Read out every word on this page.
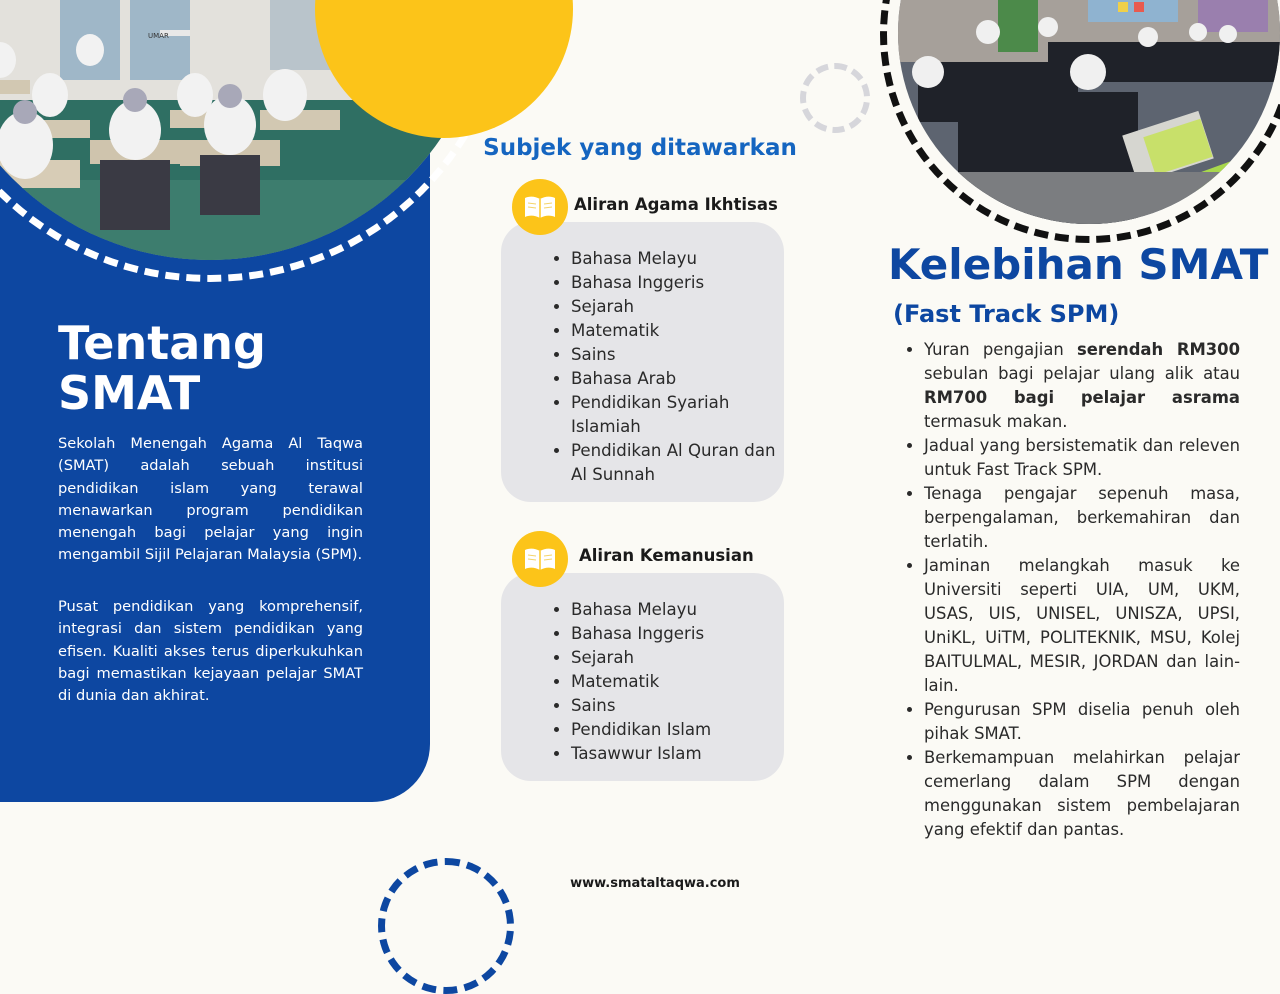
UMAR
Tentang
SMAT

Sekolah Menengah Agama Al Taqwa (SMAT) adalah sebuah institusi pendidikan islam yang terawal menawarkan program pendidikan menengah bagi pelajar yang ingin mengambil Sijil Pelajaran Malaysia (SPM).

Pusat pendidikan yang komprehensif, integrasi dan sistem pendidikan yang efisen. Kualiti akses terus diperkukuhkan bagi memastikan kejayaan pelajar SMAT di dunia dan akhirat.

Subjek yang ditawarkan
• Bahasa Melayu
• Bahasa Inggeris
• Sejarah
• Matematik
• Sains
• Bahasa Arab
• Pendidikan Syariah Islamiah
• Pendidikan Al Quran dan Al Sunnah
Aliran Agama Ikhtisas
• Bahasa Melayu
• Bahasa Inggeris
• Sejarah
• Matematik
• Sains
• Pendidikan Islam
• Tasawwur Islam
Aliran Kemanusian

www.smataltaqwa.com

Kelebihan SMAT
(Fast Track SPM)
• Yuran pengajian serendah RM300 sebulan bagi pelajar ulang alik atau RM700 bagi pelajar asrama termasuk makan.
• Jadual yang bersistematik dan releven untuk Fast Track SPM.
• Tenaga pengajar sepenuh masa, berpengalaman, berkemahiran dan terlatih.
• Jaminan melangkah masuk ke Universiti seperti UIA, UM, UKM, USAS, UIS, UNISEL, UNISZA, UPSI, UniKL, UiTM, POLITEKNIK, MSU, Kolej BAITULMAL, MESIR, JORDAN dan lain-lain.
• Pengurusan SPM diselia penuh oleh pihak SMAT.
• Berkemampuan melahirkan pelajar cemerlang dalam SPM dengan menggunakan sistem pembelajaran yang efektif dan pantas.
